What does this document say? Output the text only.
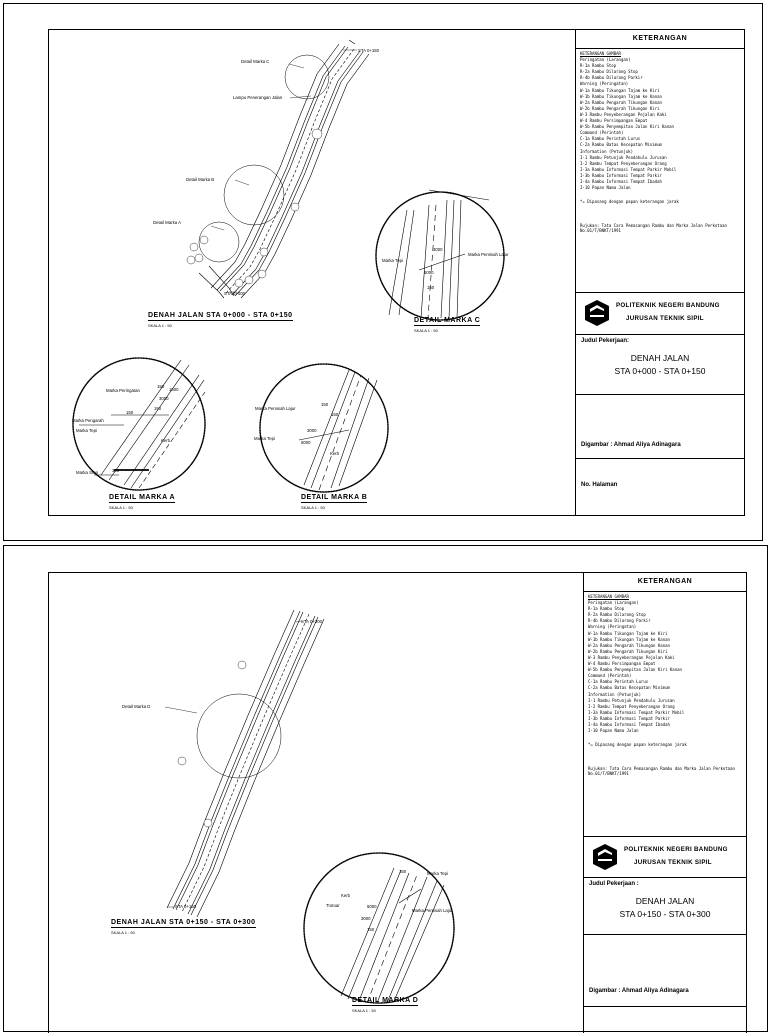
STA 0+150
Detail Marka C
Lampu Penerangan Jalan
Detail Marka B
Detail Marka A
STA 0+000
DENAH JALAN STA 0+000 - STA 0+150
SKALA 1 : 50
Marka Tepi
Marka Pemisah Lajur
3000
5000
150
DETAIL MARKA C
SKALA 1 : 50
Marka Peringatan
Marka Pengarah
Marka Tepi
Kerb
Marka Stop
150
1500
3000
150
150
300
DETAIL MARKA A
SKALA 1 : 50
Marka Pemisah Lajur
Marka Tepi
Kerb
150
150
3000
5000
DETAIL MARKA B
SKALA 1 : 50
KETERANGAN
KETERANGAN GAMBAR
Peringatan (Larangan)
R-1a Rambu Stop
R-2a Rambu Dilarang Stop
R-4b Rambu Dilarang Parkir
Warning (Peringatan)
W-1a Rambu Tikungan Tajam ke Kiri
W-1b Rambu Tikungan Tajam ke Kanan
W-2a Rambu Pengarah Tikungan Kanan
W-2b Rambu Pengarah Tikungan Kiri
W-3 Rambu Penyeberangan Pejalan Kaki
W-4 Rambu Persimpangan Empat
W-5b Rambu Penyempitan Jalan Kiri Kanan
Command (Perintah)
C-1a Rambu Perintah Lurus
C-2a Rambu Batas Kecepatan Minimum
Information (Petunjuk)
I-1 Rambu Petunjuk Pendahulu Jurusan
I-2 Rambu Tempat Penyeberangan Orang
I-3a Rambu Informasi Tempat Parkir Mobil
I-3b Rambu Informasi Tempat Parkir
I-4a Rambu Informasi Tempat Ibadah
I-10 Papan Nama Jalan
*= Dipasang dengan papan keterangan jarak
Rujukan: Tata Cara Pemasangan Rambu dan Marka Jalan Perkotaan No.01/T/BNKT/1991
POLITEKNIK NEGERI BANDUNG
JURUSAN TEKNIK SIPIL
Judul Pekerjaan:
DENAH JALAN
STA 0+000 - STA 0+150
Digambar : Ahmad Aliya Adinagara
No. Halaman
STA 0+300
Detail Marka D
STA 0+150
DENAH JALAN STA 0+150 - STA 0+300
SKALA 1 : 50
Marka Tepi
Kerb
Trotoar
Marka Pemisah Lajur
150
5000
3000
150
DETAIL MARKA D
SKALA 1 : 50
KETERANGAN
KETERANGAN GAMBAR
Peringatan (Larangan)
R-1a Rambu Stop
R-2a Rambu Dilarang Stop
R-4b Rambu Dilarang Parkir
Warning (Peringatan)
W-1a Rambu Tikungan Tajam ke Kiri
W-1b Rambu Tikungan Tajam ke Kanan
W-2a Rambu Pengarah Tikungan Kanan
W-2b Rambu Pengarah Tikungan Kiri
W-3 Rambu Penyeberangan Pejalan Kaki
W-4 Rambu Persimpangan Empat
W-5b Rambu Penyempitan Jalan Kiri Kanan
Command (Perintah)
C-1a Rambu Perintah Lurus
C-2a Rambu Batas Kecepatan Minimum
Information (Petunjuk)
I-1 Rambu Petunjuk Pendahulu Jurusan
I-2 Rambu Tempat Penyeberangan Orang
I-3a Rambu Informasi Tempat Parkir Mobil
I-3b Rambu Informasi Tempat Parkir
I-4a Rambu Informasi Tempat Ibadah
I-10 Papan Nama Jalan
*= Dipasang dengan papan keterangan jarak
Rujukan: Tata Cara Pemasangan Rambu dan Marka Jalan Perkotaan No.01/T/BNKT/1991
POLITEKNIK NEGERI BANDUNG
JURUSAN TEKNIK SIPIL
Judul Pekerjaan :
DENAH JALAN
STA 0+150 - STA 0+300
Digambar : Ahmad Aliya Adinagara
